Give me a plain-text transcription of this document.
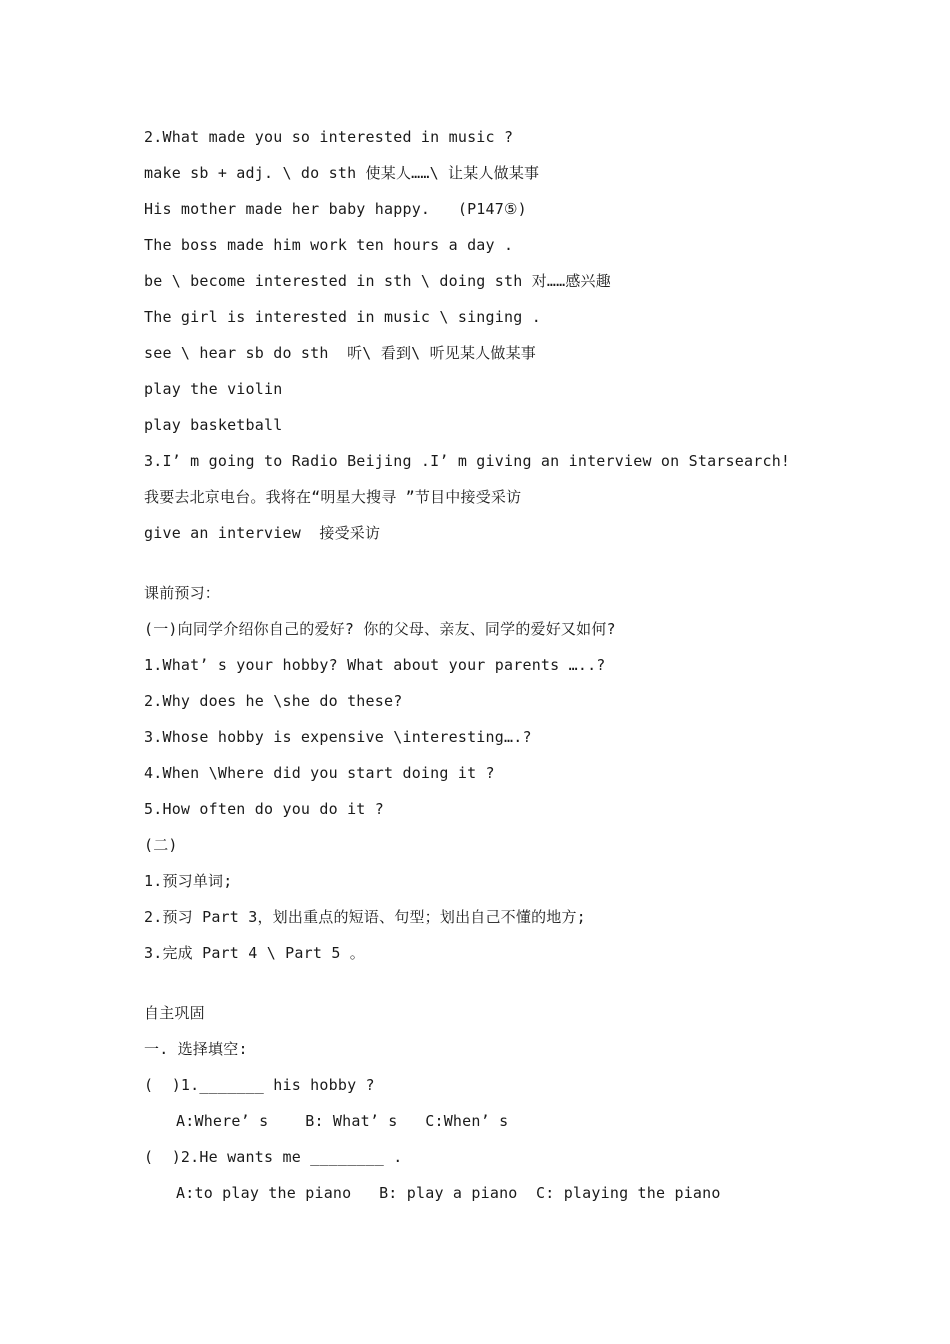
2.What made you so interested in music ?
make sb + adj. \ do sth 使某人……\ 让某人做某事
His mother made her baby happy.   (P147⑤)
The boss made him work ten hours a day .
be \ become interested in sth \ doing sth 对……感兴趣
The girl is interested in music \ singing .
see \ hear sb do sth  听\ 看到\ 听见某人做某事
play the violin
play basketball
3.I’ m going to Radio Beijing .I’ m giving an interview on Starsearch!
我要去北京电台。我将在“明星大搜寻 ”节目中接受采访
give an interview  接受采访
课前预习：
(一)向同学介绍你自己的爱好? 你的父母、亲友、同学的爱好又如何?
1.What’ s your hobby? What about your parents …..?
2.Why does he \she do these?
3.Whose hobby is expensive \interesting….?
4.When \Where did you start doing it ?
5.How often do you do it ?
(二)
1.预习单词;
2.预习 Part 3，划出重点的短语、句型；划出自己不懂的地方;
3.完成 Part 4 \ Part 5 。
自主巩固
一. 选择填空:
(  )1._______ his hobby ?
A:Where’ s    B: What’ s   C:When’ s
(  )2.He wants me ________ .
A:to play the piano   B: play a piano  C: playing the piano
